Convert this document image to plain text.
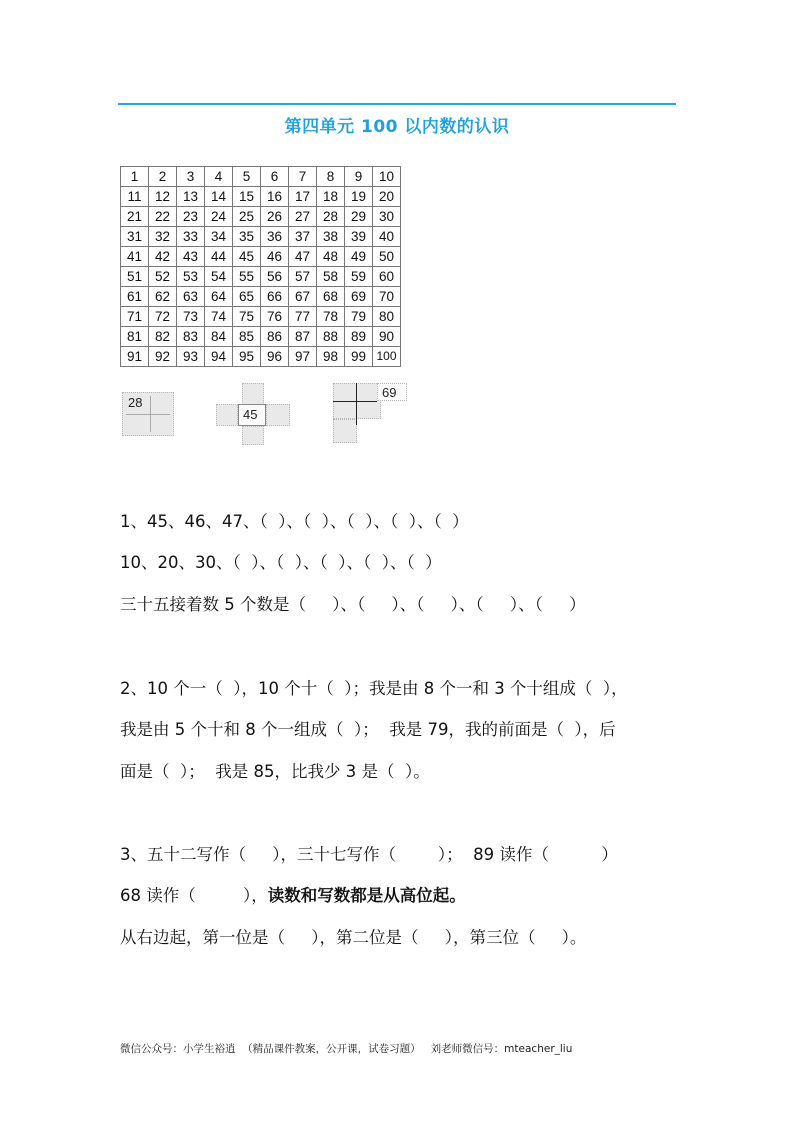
第四单元 100 以内数的认识
1	2	3	4	5	6	7	8	9	10
11	12	13	14	15	16	17	18	19	20
21	22	23	24	25	26	27	28	29	30
31	32	33	34	35	36	37	38	39	40
41	42	43	44	45	46	47	48	49	50
51	52	53	54	55	56	57	58	59	60
61	62	63	64	65	66	67	68	69	70
71	72	73	74	75	76	77	78	79	80
81	82	83	84	85	86	87	88	89	90
91	92	93	94	95	96	97	98	99	100
28
45
69
1、45、46、47、（  ）、（  ）、（  ）、（  ）、（  ）
10、20、30、（  ）、（  ）、（  ）、（  ）、（  ）
三十五接着数 5 个数是（     ）、（     ）、（     ）、（     ）、（     ）
2、10 个一（  ），10 个十（  ）；我是由 8 个一和 3 个十组成（  ），
我是由 5 个十和 8 个一组成（  ）；  我是 79，我的前面是（  ），后
面是（  ）；  我是 85，比我少 3 是（  ）。
3、五十二写作（     ），三十七写作（        ）；  89 读作（          ）
68 读作（         ），读数和写数都是从高位起。
从右边起，第一位是（     ），第二位是（     ），第三位（     ）。
微信公众号：小学生裕逍  （精品课件教案，公开课，试卷习题）   刘老师微信号：mteacher_liu
